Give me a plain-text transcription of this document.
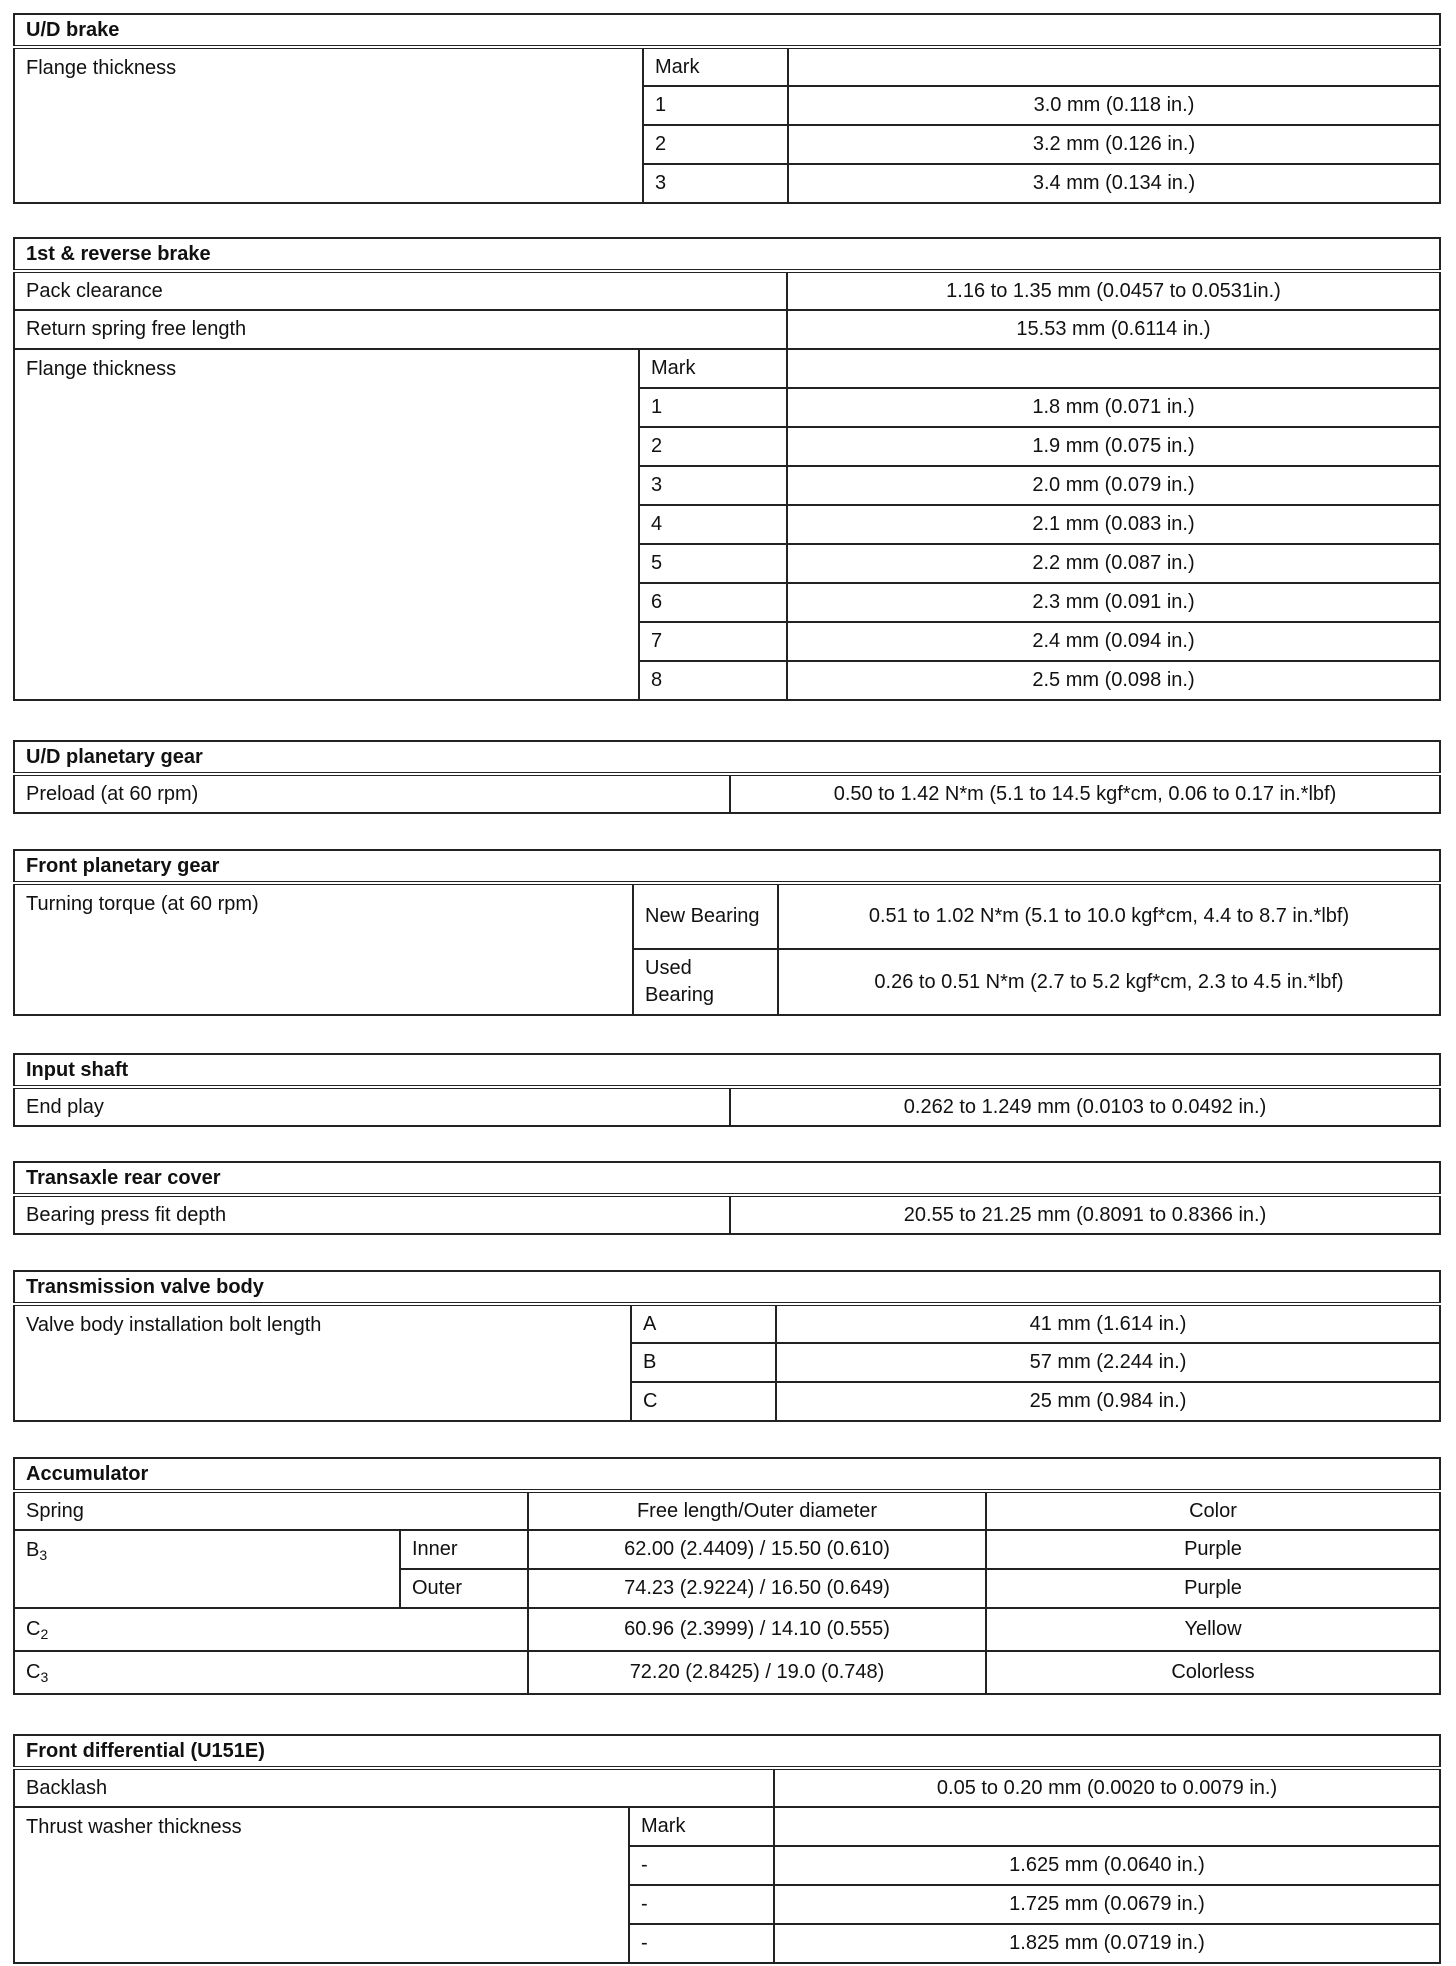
U/D brake		
Flange thickness	Mark	
	1	3.0 mm (0.118 in.)
	2	3.2 mm (0.126 in.)
	3	3.4 mm (0.134 in.)
1st & reverse brake		
Pack clearance		1.16 to 1.35 mm (0.0457 to 0.0531in.)
Return spring free length		15.53 mm (0.6114 in.)
Flange thickness	Mark	
	1	1.8 mm (0.071 in.)
	2	1.9 mm (0.075 in.)
	3	2.0 mm (0.079 in.)
	4	2.1 mm (0.083 in.)
	5	2.2 mm (0.087 in.)
	6	2.3 mm (0.091 in.)
	7	2.4 mm (0.094 in.)
	8	2.5 mm (0.098 in.)
U/D planetary gear
Preload (at 60 rpm)	0.50 to 1.42 N*m (5.1 to 14.5 kgf*cm, 0.06 to 0.17 in.*lbf)
Front planetary gear		
Turning torque (at 60 rpm)	New Bearing	0.51 to 1.02 N*m (5.1 to 10.0 kgf*cm, 4.4 to 8.7 in.*lbf)
	Used Bearing	0.26 to 0.51 N*m (2.7 to 5.2 kgf*cm, 2.3 to 4.5 in.*lbf)
Input shaft
End play	0.262 to 1.249 mm (0.0103 to 0.0492 in.)
Transaxle rear cover
Bearing press fit depth	20.55 to 21.25 mm (0.8091 to 0.8366 in.)
Transmission valve body		
Valve body installation bolt length	A	41 mm (1.614 in.)
	B	57 mm (2.244 in.)
	C	25 mm (0.984 in.)
Accumulator			
Spring		Free length/Outer diameter	Color
$B_3$	Inner	62.00 (2.4409) / 15.50 (0.610)	Purple
	Outer	74.23 (2.9224) / 16.50 (0.649)	Purple
$C_2$		60.96 (2.3999) / 14.10 (0.555)	Yellow
$C_3$		72.20 (2.8425) / 19.0 (0.748)	Colorless
Front differential (U151E)		
Backlash		0.05 to 0.20 mm (0.0020 to 0.0079 in.)
Thrust washer thickness	Mark	
	-	1.625 mm (0.0640 in.)
	-	1.725 mm (0.0679 in.)
	-	1.825 mm (0.0719 in.)
